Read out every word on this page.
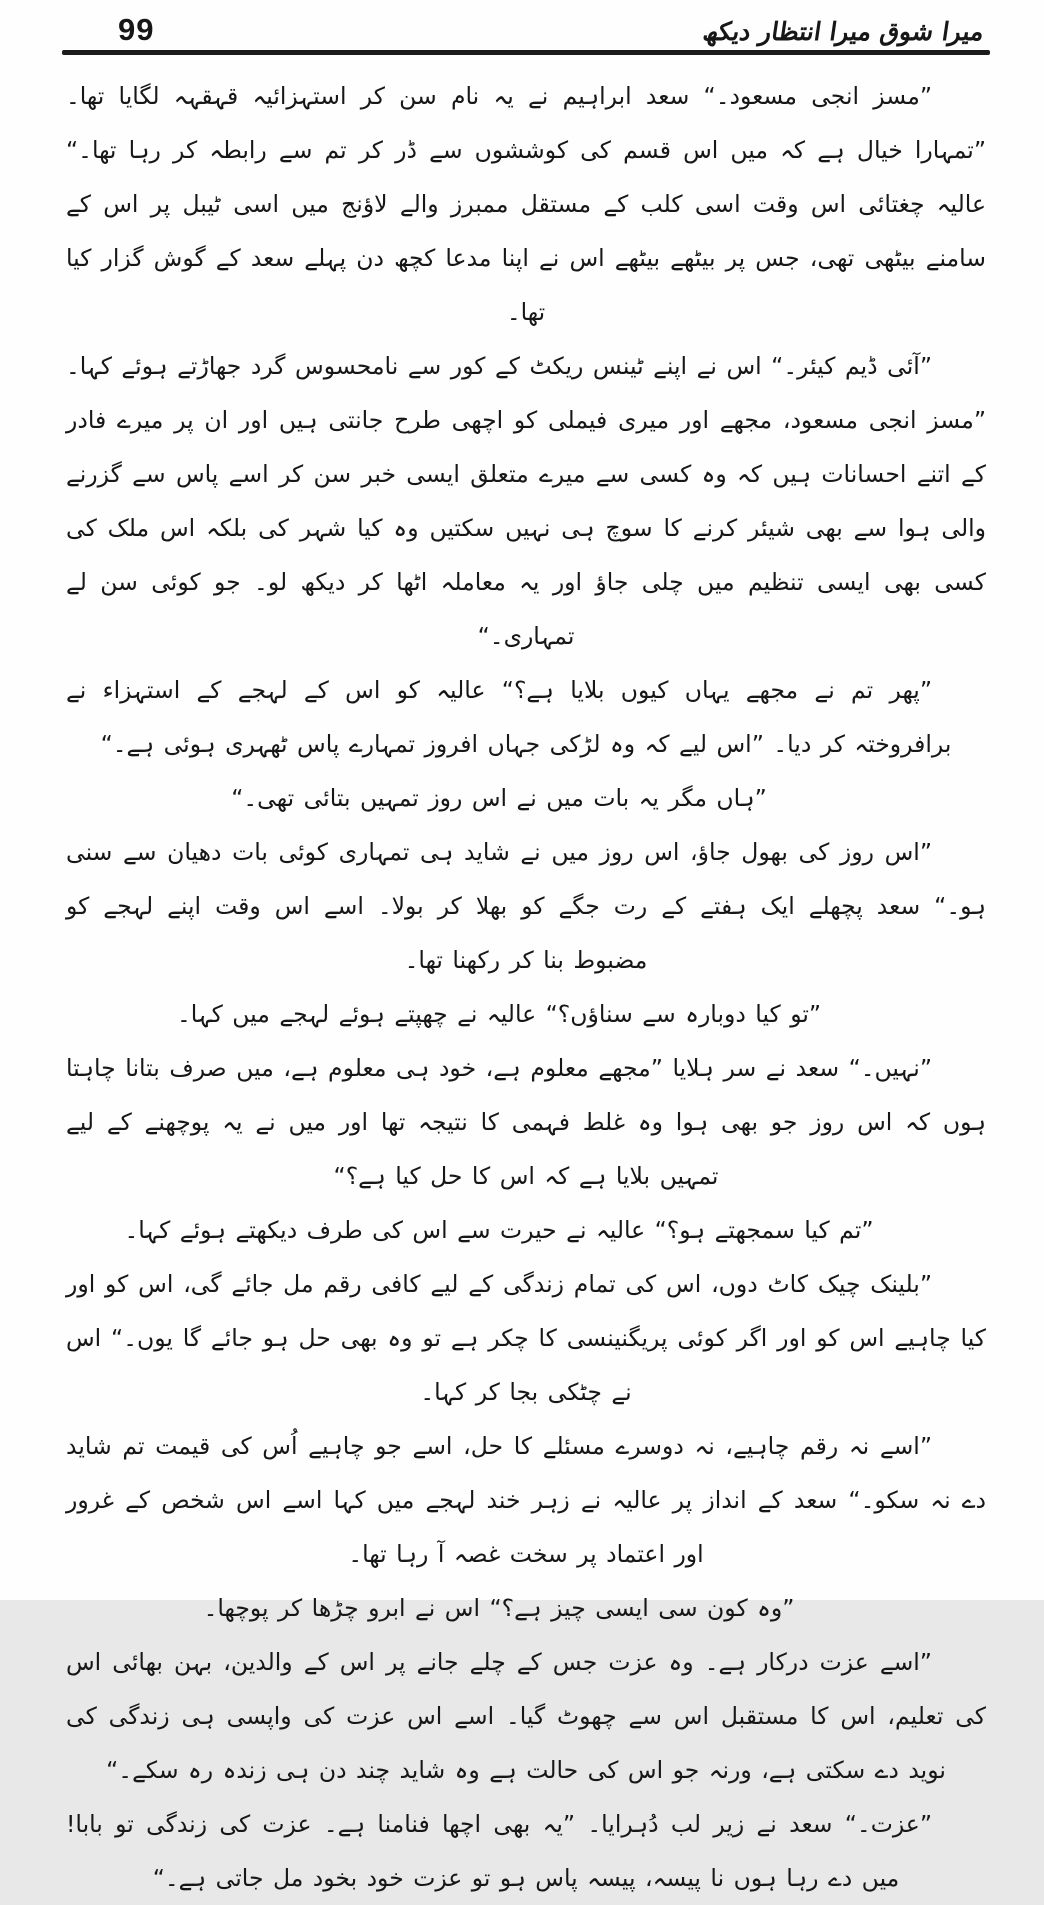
99	میرا شوق میرا انتظار دیکھ

”مسز انجی مسعود۔“ سعد ابراہیم نے یہ نام سن کر استہزائیہ قہقہہ لگایا تھا۔ ”تمہارا خیال ہے کہ میں اس قسم کی کوششوں سے ڈر کر تم سے رابطہ کر رہا تھا۔“ عالیہ چغتائی اس وقت اسی کلب کے مستقل ممبرز والے لاؤنج میں اسی ٹیبل پر اس کے سامنے بیٹھی تھی، جس پر بیٹھے بیٹھے اس نے اپنا مدعا کچھ دن پہلے سعد کے گوش گزار کیا تھا۔

”آئی ڈیم کیئر۔“ اس نے اپنے ٹینس ریکٹ کے کور سے نامحسوس گرد جھاڑتے ہوئے کہا۔ ”مسز انجی مسعود، مجھے اور میری فیملی کو اچھی طرح جانتی ہیں اور ان پر میرے فادر کے اتنے احسانات ہیں کہ وہ کسی سے میرے متعلق ایسی خبر سن کر اسے پاس سے گزرنے والی ہوا سے بھی شیئر کرنے کا سوچ ہی نہیں سکتیں وہ کیا شہر کی بلکہ اس ملک کی کسی بھی ایسی تنظیم میں چلی جاؤ اور یہ معاملہ اٹھا کر دیکھ لو۔ جو کوئی سن لے تمہاری۔“

”پھر تم نے مجھے یہاں کیوں بلایا ہے؟“ عالیہ کو اس کے لہجے کے استہزاء نے برافروختہ کر دیا۔ ”اس لیے کہ وہ لڑکی جہاں افروز تمہارے پاس ٹھہری ہوئی ہے۔“

”ہاں مگر یہ بات میں نے اس روز تمہیں بتائی تھی۔“

”اس روز کی بھول جاؤ، اس روز میں نے شاید ہی تمہاری کوئی بات دھیان سے سنی ہو۔“ سعد پچھلے ایک ہفتے کے رت جگے کو بھلا کر بولا۔ اسے اس وقت اپنے لہجے کو مضبوط بنا کر رکھنا تھا۔

”تو کیا دوبارہ سے سناؤں؟“ عالیہ نے چھپتے ہوئے لہجے میں کہا۔

”نہیں۔“ سعد نے سر ہلایا ”مجھے معلوم ہے، خود ہی معلوم ہے، میں صرف بتانا چاہتا ہوں کہ اس روز جو بھی ہوا وہ غلط فہمی کا نتیجہ تھا اور میں نے یہ پوچھنے کے لیے تمہیں بلایا ہے کہ اس کا حل کیا ہے؟“

”تم کیا سمجھتے ہو؟“ عالیہ نے حیرت سے اس کی طرف دیکھتے ہوئے کہا۔

”بلینک چیک کاٹ دوں، اس کی تمام زندگی کے لیے کافی رقم مل جائے گی، اس کو اور کیا چاہیے اس کو اور اگر کوئی پریگنینسی کا چکر ہے تو وہ بھی حل ہو جائے گا یوں۔“ اس نے چٹکی بجا کر کہا۔

”اسے نہ رقم چاہیے، نہ دوسرے مسئلے کا حل، اسے جو چاہیے اُس کی قیمت تم شاید دے نہ سکو۔“ سعد کے انداز پر عالیہ نے زہر خند لہجے میں کہا اسے اس شخص کے غرور اور اعتماد پر سخت غصہ آ رہا تھا۔

”وہ کون سی ایسی چیز ہے؟“ اس نے ابرو چڑھا کر پوچھا۔

”اسے عزت درکار ہے۔ وہ عزت جس کے چلے جانے پر اس کے والدین، بہن بھائی اس کی تعلیم، اس کا مستقبل اس سے چھوٹ گیا۔ اسے اس عزت کی واپسی ہی زندگی کی نوید دے سکتی ہے، ورنہ جو اس کی حالت ہے وہ شاید چند دن ہی زندہ رہ سکے۔“

”عزت۔“ سعد نے زیر لب دُہرایا۔ ”یہ بھی اچھا فنامنا ہے۔ عزت کی زندگی تو بابا! میں دے رہا ہوں نا پیسہ، پیسہ پاس ہو تو عزت خود بخود مل جاتی ہے۔“
